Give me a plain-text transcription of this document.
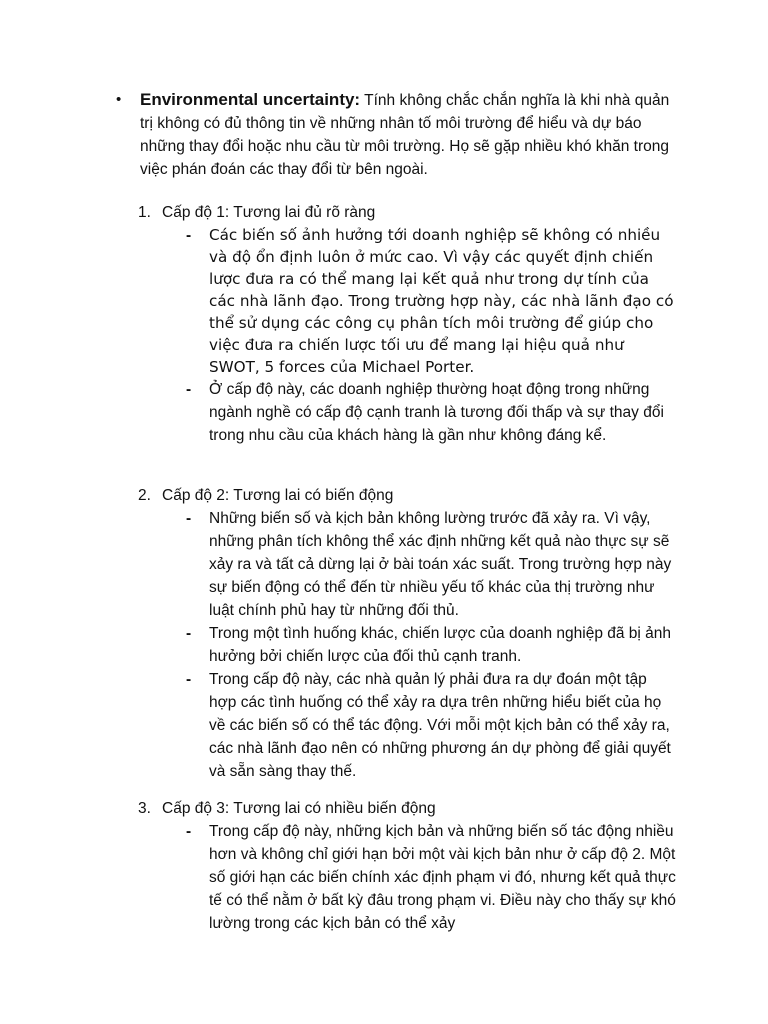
• Environmental uncertainty: Tính không chắc chắn nghĩa là khi nhà quản trị không có đủ thông tin về những nhân tố môi trường để hiểu và dự báo những thay đổi hoặc nhu cầu từ môi trường. Họ sẽ gặp nhiều khó khăn trong việc phán đoán các thay đổi từ bên ngoài.
1. Cấp độ 1: Tương lai đủ rõ ràng
- Các biến số ảnh hưởng tới doanh nghiệp sẽ không có nhiều và độ ổn định luôn ở mức cao. Vì vậy các quyết định chiến lược đưa ra có thể mang lại kết quả như trong dự tính của các nhà lãnh đạo. Trong trường hợp này, các nhà lãnh đạo có thể sử dụng các công cụ phân tích môi trường để giúp cho việc đưa ra chiến lược tối ưu để mang lại hiệu quả như SWOT, 5 forces của Michael Porter.
- Ở cấp độ này, các doanh nghiệp thường hoạt động trong những ngành nghề có cấp độ cạnh tranh là tương đối thấp và sự thay đổi trong nhu cầu của khách hàng là gần như không đáng kể.
2. Cấp độ 2: Tương lai có biến động
- Những biến số và kịch bản không lường trước đã xảy ra. Vì vậy, những phân tích không thể xác định những kết quả nào thực sự sẽ xảy ra và tất cả dừng lại ở bài toán xác suất. Trong trường hợp này sự biến động có thể đến từ nhiều yếu tố khác của thị trường như luật chính phủ hay từ những đối thủ.
- Trong một tình huống khác, chiến lược của doanh nghiệp đã bị ảnh hưởng bởi chiến lược của đối thủ cạnh tranh.
- Trong cấp độ này, các nhà quản lý phải đưa ra dự đoán một tập hợp các tình huống có thể xảy ra dựa trên những hiểu biết của họ về các biến số có thể tác động. Với mỗi một kịch bản có thể xảy ra, các nhà lãnh đạo nên có những phương án dự phòng để giải quyết và sẵn sàng thay thế.
3. Cấp độ 3: Tương lai có nhiều biến động
- Trong cấp độ này, những kịch bản và những biến số tác động nhiều hơn và không chỉ giới hạn bởi một vài kịch bản như ở cấp độ 2. Một số giới hạn các biến chính xác định phạm vi đó, nhưng kết quả thực tế có thể nằm ở bất kỳ đâu trong phạm vi. Điều này cho thấy sự khó lường trong các kịch bản có thể xảy
